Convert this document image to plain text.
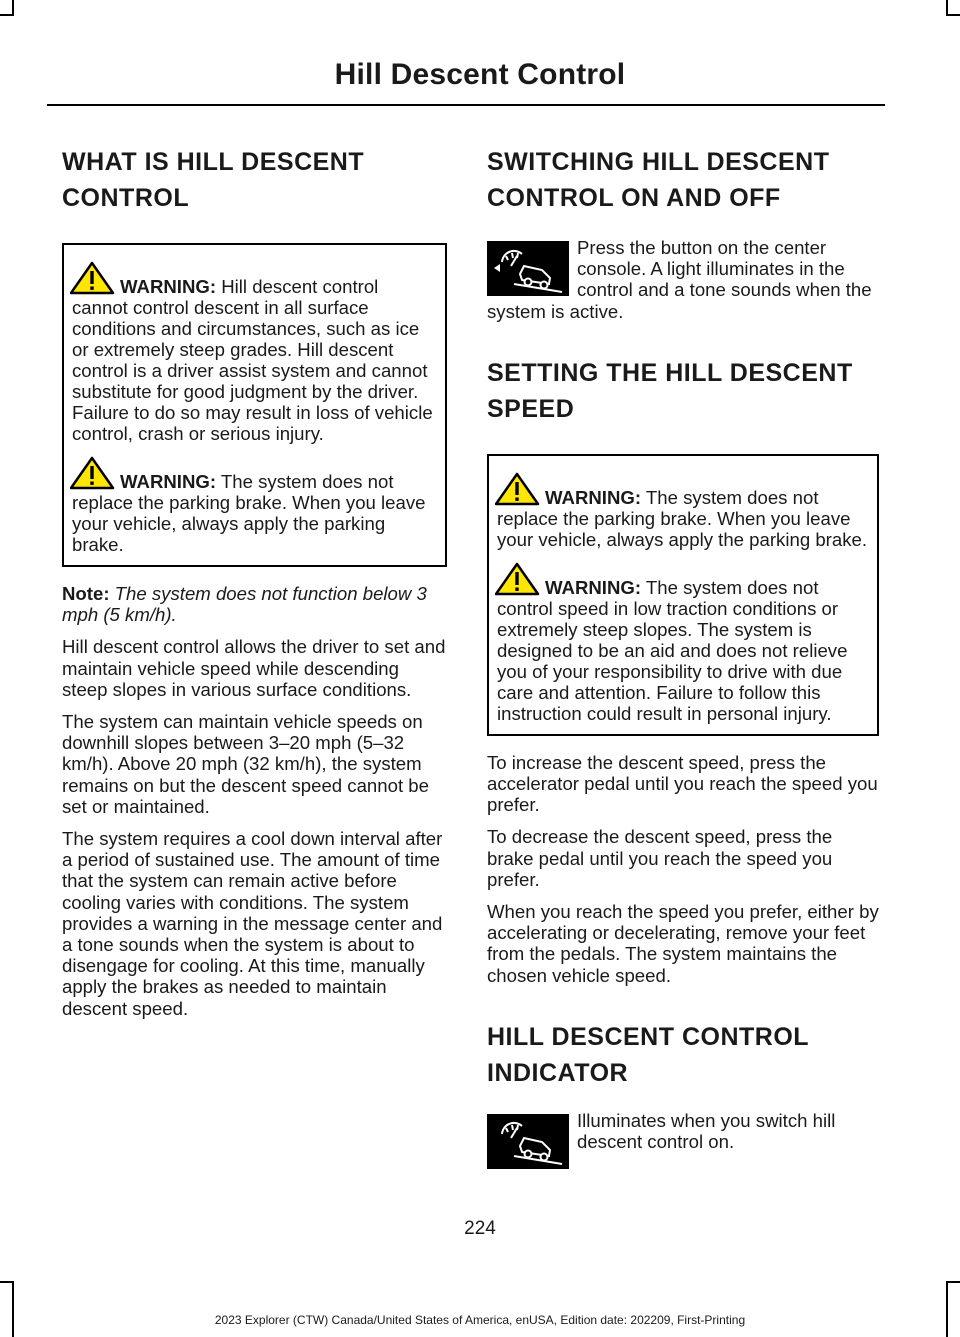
Hill Descent Control
WHAT IS HILL DESCENT
CONTROL

WARNING: Hill descent control cannot control descent in all surface conditions and circumstances, such as ice or extremely steep grades. Hill descent control is a driver assist system and cannot substitute for good judgment by the driver. Failure to do so may result in loss of vehicle control, crash or serious injury.

WARNING: The system does not replace the parking brake. When you leave your vehicle, always apply the parking brake.

Note: The system does not function below 3 mph (5 km/h).

Hill descent control allows the driver to set and maintain vehicle speed while descending steep slopes in various surface conditions.

The system can maintain vehicle speeds on downhill slopes between 3–20 mph (5–32 km/h). Above 20 mph (32 km/h), the system remains on but the descent speed cannot be set or maintained.

The system requires a cool down interval after a period of sustained use. The amount of time that the system can remain active before cooling varies with conditions. The system provides a warning in the message center and a tone sounds when the system is about to disengage for cooling. At this time, manually apply the brakes as needed to maintain descent speed.

SWITCHING HILL DESCENT
CONTROL ON AND OFF

Press the button on the center console. A light illuminates in the control and a tone sounds when the system is active.

SETTING THE HILL DESCENT
SPEED

WARNING: The system does not replace the parking brake. When you leave your vehicle, always apply the parking brake.

WARNING: The system does not control speed in low traction conditions or extremely steep slopes. The system is designed to be an aid and does not relieve you of your responsibility to drive with due care and attention. Failure to follow this instruction could result in personal injury.

To increase the descent speed, press the accelerator pedal until you reach the speed you prefer.

To decrease the descent speed, press the brake pedal until you reach the speed you prefer.

When you reach the speed you prefer, either by accelerating or decelerating, remove your feet from the pedals. The system maintains the chosen vehicle speed.

HILL DESCENT CONTROL
INDICATOR

Illuminates when you switch hill descent control on.

224
2023 Explorer (CTW) Canada/United States of America, enUSA, Edition date: 202209, First-Printing
